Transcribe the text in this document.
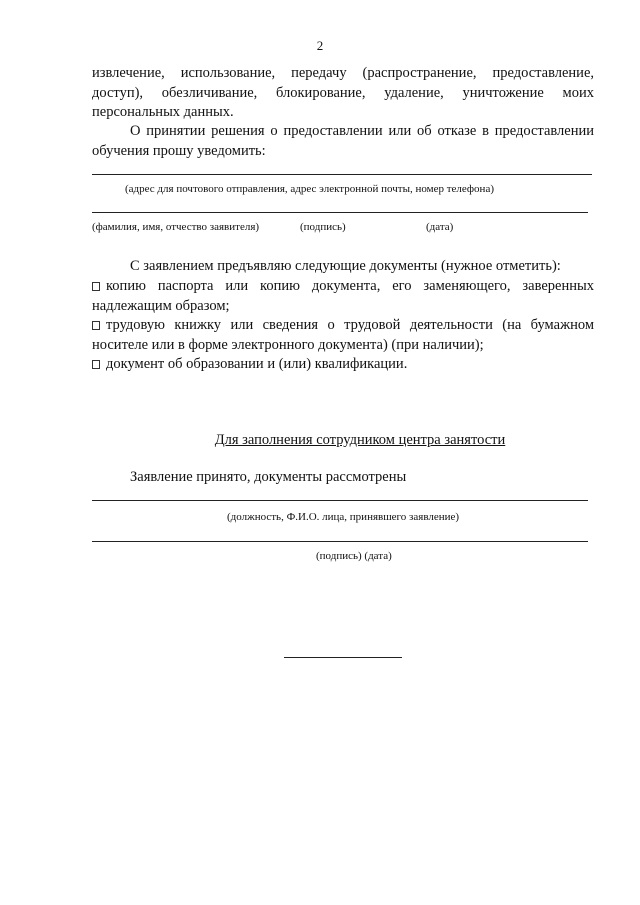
2
извлечение, использование, передачу (распространение, предоставление, доступ), обезличивание, блокирование, удаление, уничтожение моих персональных данных.
О принятии решения о предоставлении или об отказе в предоставлении обучения прошу уведомить:
(адрес для почтового отправления, адрес электронной почты, номер телефона)
(фамилия, имя, отчество заявителя)	(подпись)	(дата)
С заявлением предъявляю следующие документы (нужное отметить):
копию паспорта или копию документа, его заменяющего, заверенных надлежащим образом;
трудовую книжку или сведения о трудовой деятельности (на бумажном носителе или в форме электронного документа) (при наличии);
документ об образовании и (или) квалификации.
Для заполнения сотрудником центра занятости
Заявление принято, документы рассмотрены
(должность, Ф.И.О. лица, принявшего заявление)
(подпись) (дата)
